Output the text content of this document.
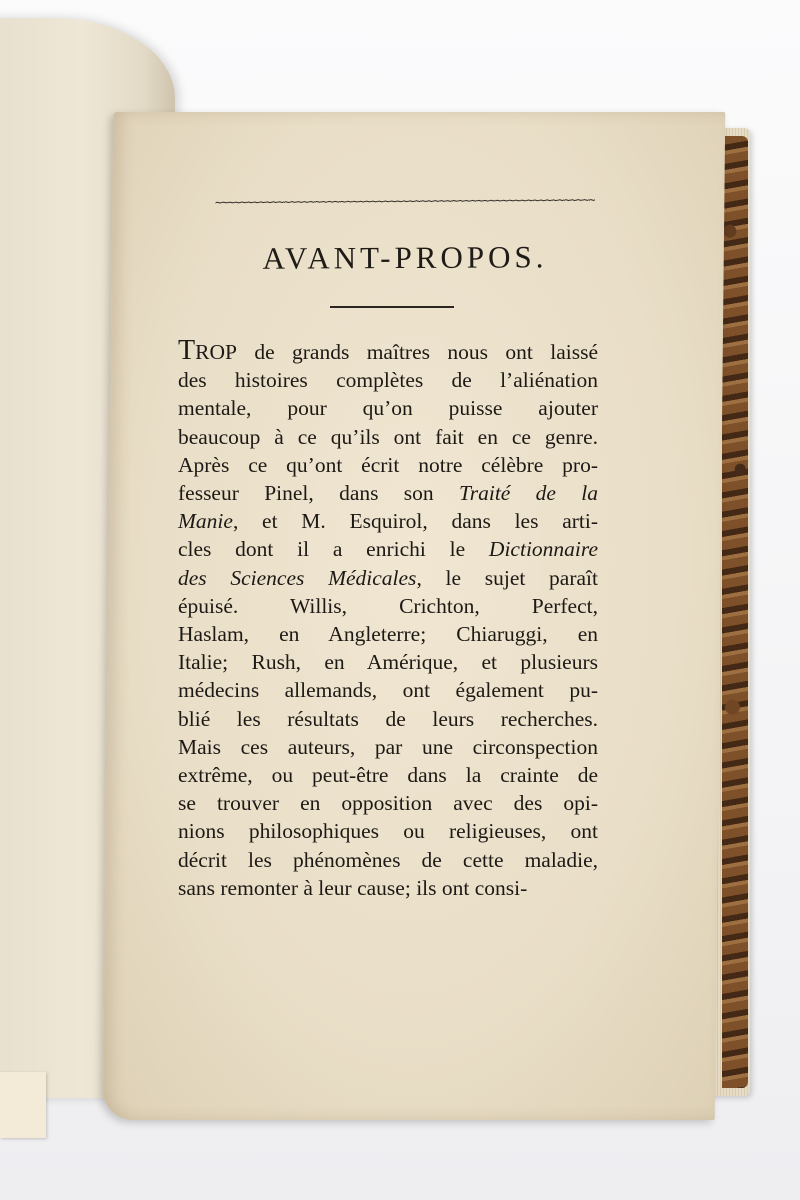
~~~~~~~~~~~~~~~~~~~~~~~~~~~~~~~~~~~~~~~~~~~~~~~~~~~~~~~~~~~~~
AVANT-PROPOS.
TROP de grands maîtres nous ont laissé
des histoires complètes de l’aliénation
mentale, pour qu’on puisse ajouter
beaucoup à ce qu’ils ont fait en ce genre.
Après ce qu’ont écrit notre célèbre pro-
fesseur Pinel, dans son Traité de la
Manie, et M. Esquirol, dans les arti-
cles dont il a enrichi le Dictionnaire
des Sciences Médicales, le sujet paraît
épuisé. Willis, Crichton, Perfect,
Haslam, en Angleterre; Chiaruggi, en
Italie; Rush, en Amérique, et plusieurs
médecins allemands, ont également pu-
blié les résultats de leurs recherches.
Mais ces auteurs, par une circonspection
extrême, ou peut-être dans la crainte de
se trouver en opposition avec des opi-
nions philosophiques ou religieuses, ont
décrit les phénomènes de cette maladie,
sans remonter à leur cause; ils ont consi-
